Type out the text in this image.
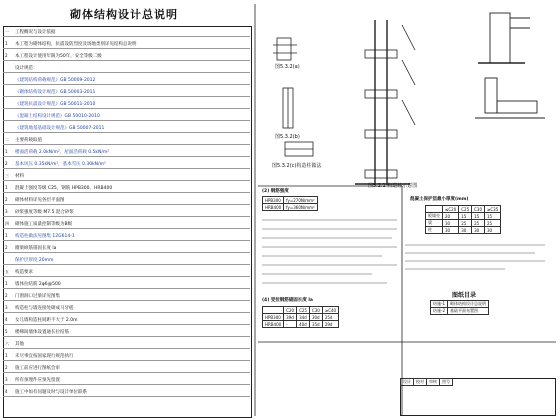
砌体结构设计总说明
一 工程概况与设计依据
1 本工程为砌体结构，抗震设防烈度及场地类别详见结构总说明
2 本工程设计使用年限为50年，安全等级二级
设计规范：
《建筑结构荷载规范》GB 50009-2012
《砌体结构设计规范》GB 50003-2011
《建筑抗震设计规范》GB 50011-2010
《混凝土结构设计规范》GB 50010-2010
《建筑地基基础设计规范》GB 50007-2011
二 主要荷载取值
1 楼面活荷载 2.0kN/m²，屋面活荷载 0.5kN/m²
2 基本风压 0.35kN/m²，基本雪压 0.30kN/m²
三 材料
1 混凝土强度等级 C25，钢筋 HPB300、HRB400
2 砌体材料详见各层平面图
3 砂浆强度等级 M7.5 混合砂浆
四 砌体施工质量控制等级为B级
1 构造柱做法见图集 12G614-1
2 圈梁纵筋锚固长度 la
保护层厚度 20mm
五 构造要求
1 墙体拉结筋 2φ6@500
2 门窗洞口过梁详见图集
3 构造柱与墙连接处砌成马牙槎
4 女儿墙构造柱间距不大于 2.0m
5 楼梯间墙体设置通长拉结筋
六 其他
1 未尽事宜按国家现行规范执行
2 施工前应进行图纸会审
3 所有预埋件应预先留置
4 施工中如有问题及时与设计单位联系
图5.3.2(a)
图5.3.2(b)
图5.3.2(c)构造柱做法
图5.2.1 构造柱示意图
(2) 钢筋强度
HPB300	fy=270N/mm²
HRB400	fy=360N/mm²
(4) 受拉钢筋锚固长度 la
	C20	C25	C30	≥C40
HPB300	39d	34d	30d	25d
HRB400	-	40d	35d	29d
混凝土保护层最小厚度(mm)
	≤C20	C25	C30	≥C35
板墙壳	20	15	15	15
梁	30	25	25	25
柱	30	30	30	30
图纸目录
结施-1	砌体结构设计总说明
结施-2	基础平面布置图
设计	校对	审核	图号
